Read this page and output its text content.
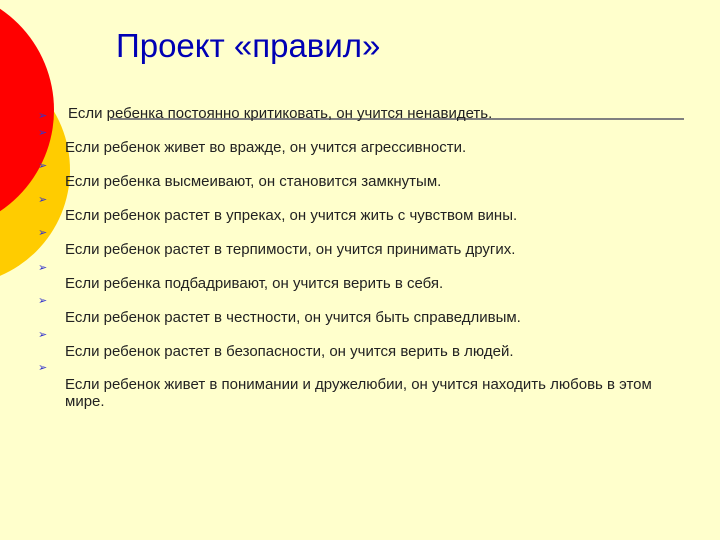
Проект «правил»
➢
➢
➢
➢
➢
➢
➢
➢
➢
Если ребенка постоянно критиковать, он учится ненавидеть.
Если ребенок живет во вражде, он учится агрессивности.
Если ребенка высмеивают, он становится замкнутым.
Если ребенок растет в упреках, он учится жить с чувством вины.
Если ребенок растет в терпимости, он учится принимать других.
Если ребенка подбадривают, он учится верить в себя.
Если ребенок растет в честности, он учится быть справедливым.
Если ребенок растет в безопасности, он учится верить в людей.
Если ребенок живет в понимании и дружелюбии, он учится находить любовь в этом мире.
